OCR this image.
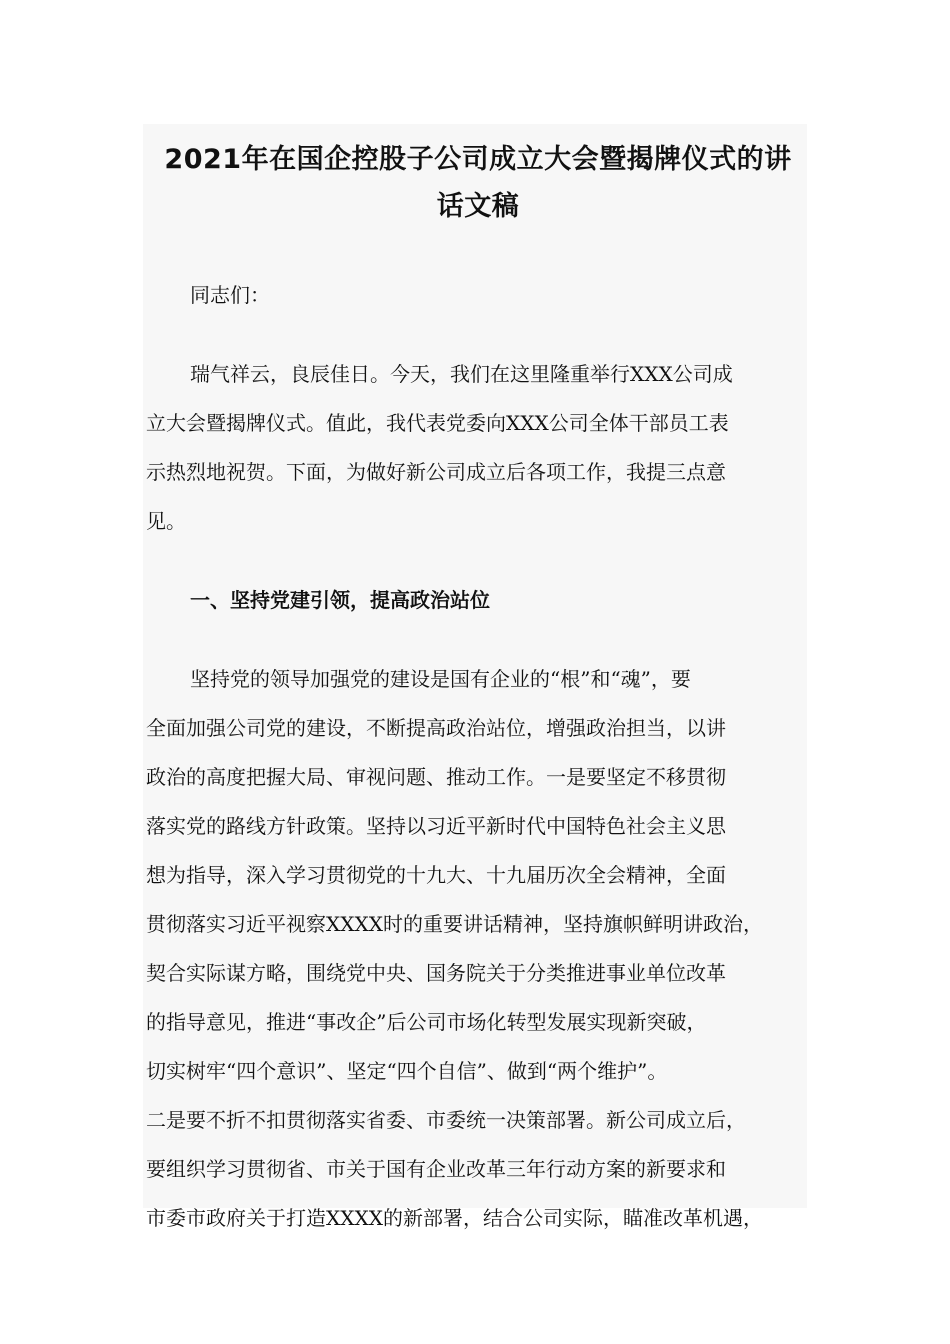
2021年在国企控股子公司成立大会暨揭牌仪式的讲
话文稿

同志们：

瑞气祥云，良辰佳日。今天，我们在这里隆重举行XXX公司成
立大会暨揭牌仪式。值此，我代表党委向XXX公司全体干部员工表
示热烈地祝贺。下面，为做好新公司成立后各项工作，我提三点意
见。

一、坚持党建引领，提高政治站位

坚持党的领导加强党的建设是国有企业的“根”和“魂”，要
全面加强公司党的建设，不断提高政治站位，增强政治担当，以讲
政治的高度把握大局、审视问题、推动工作。一是要坚定不移贯彻
落实党的路线方针政策。坚持以习近平新时代中国特色社会主义思
想为指导，深入学习贯彻党的十九大、十九届历次全会精神，全面
贯彻落实习近平视察XXXX时的重要讲话精神，坚持旗帜鲜明讲政治，
契合实际谋方略，围绕党中央、国务院关于分类推进事业单位改革
的指导意见，推进“事改企”后公司市场化转型发展实现新突破，
切实树牢“四个意识”、坚定“四个自信”、做到“两个维护”。
二是要不折不扣贯彻落实省委、市委统一决策部署。新公司成立后，
要组织学习贯彻省、市关于国有企业改革三年行动方案的新要求和
市委市政府关于打造XXXX的新部署，结合公司实际，瞄准改革机遇，
